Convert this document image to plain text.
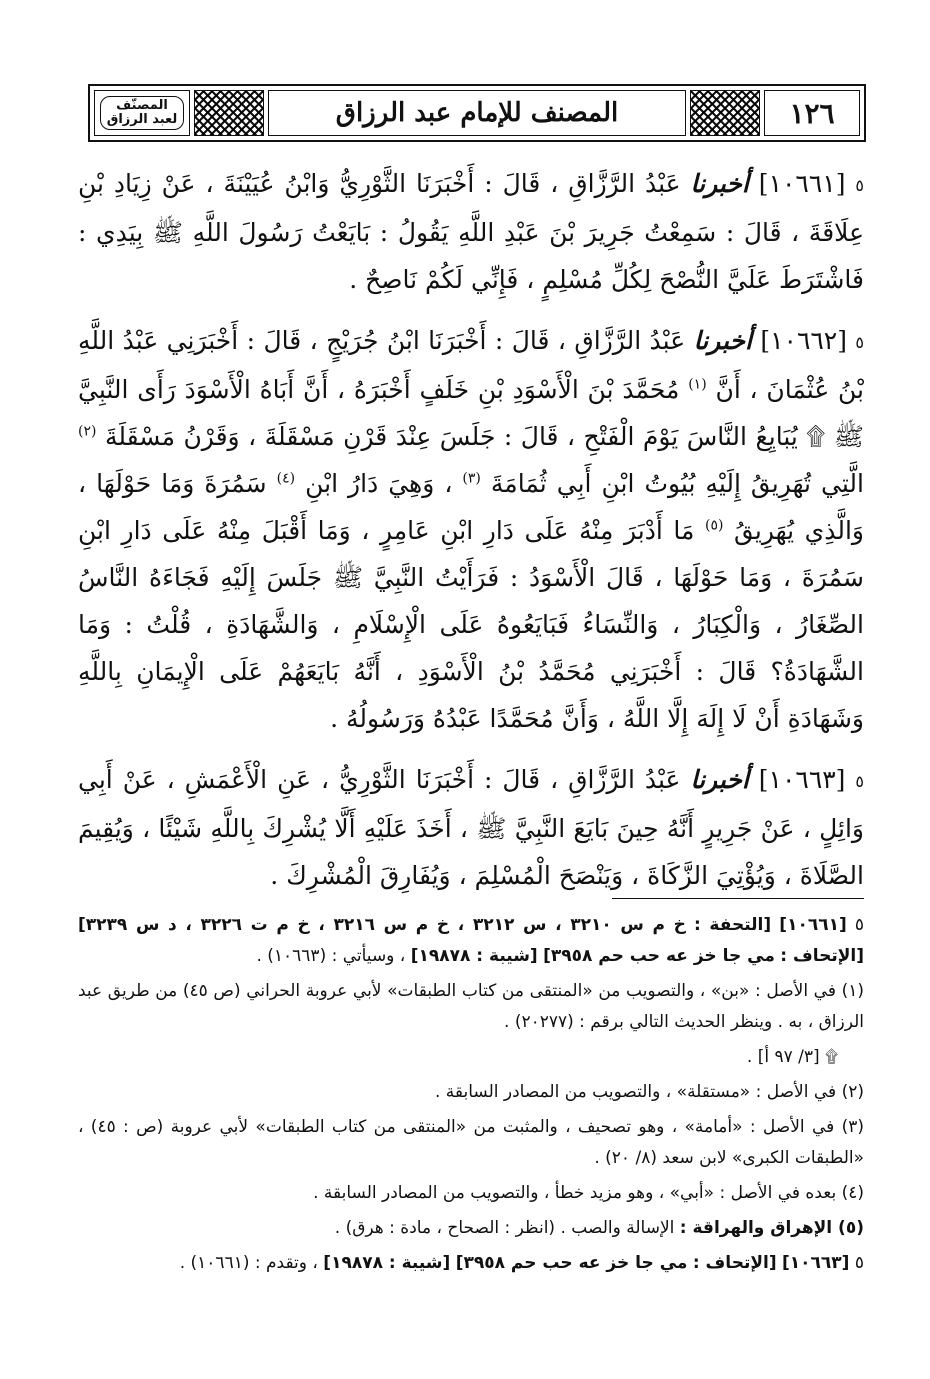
المصنّف
لعبد الرزاق	المصنف للإمام عبد الرزاق	١٢٦

٥ [١٠٦٦١] أخبرنا عَبْدُ الرَّزَّاقِ ، قَالَ : أَخْبَرَنَا الثَّوْرِيُّ وَابْنُ عُيَيْنَةَ ، عَنْ زِيَادِ بْنِ عِلَاقَةَ ، قَالَ : سَمِعْتُ جَرِيرَ بْنَ عَبْدِ اللَّهِ يَقُولُ : بَايَعْتُ رَسُولَ اللَّهِ ﷺ بِيَدِي : فَاشْتَرَطَ عَلَيَّ النُّصْحَ لِكُلِّ مُسْلِمٍ ، فَإِنِّي لَكُمْ نَاصِحٌ .

٥ [١٠٦٦٢] أخبرنا عَبْدُ الرَّزَّاقِ ، قَالَ : أَخْبَرَنَا ابْنُ جُرَيْجٍ ، قَالَ : أَخْبَرَنِي عَبْدُ اللَّهِ بْنُ عُثْمَانَ ، أَنَّ $^{(١)}$ مُحَمَّدَ بْنَ الْأَسْوَدِ بْنِ خَلَفٍ أَخْبَرَهُ ، أَنَّ أَبَاهُ الْأَسْوَدَ رَأَى النَّبِيَّ ﷺ ۩ يُبَايِعُ النَّاسَ يَوْمَ الْفَتْحِ ، قَالَ : جَلَسَ عِنْدَ قَرْنِ مَسْقَلَةَ ، وَقَرْنُ مَسْقَلَةَ $^{(٢)}$ الَّتِي تُهَرِيقُ إِلَيْهِ بُيُوتُ ابْنِ أَبِي ثُمَامَةَ $^{(٣)}$ ، وَهِيَ دَارُ ابْنِ $^{(٤)}$ سَمُرَةَ وَمَا حَوْلَهَا ، وَالَّذِي يُهَرِيقُ $^{(٥)}$ مَا أَدْبَرَ مِنْهُ عَلَى دَارِ ابْنِ عَامِرٍ ، وَمَا أَقْبَلَ مِنْهُ عَلَى دَارِ ابْنِ سَمُرَةَ ، وَمَا حَوْلَهَا ، قَالَ الْأَسْوَدُ : فَرَأَيْتُ النَّبِيَّ ﷺ جَلَسَ إِلَيْهِ فَجَاءَهُ النَّاسُ الصِّغَارُ ، وَالْكِبَارُ ، وَالنِّسَاءُ فَبَايَعُوهُ عَلَى الْإِسْلَامِ ، وَالشَّهَادَةِ ، قُلْتُ : وَمَا الشَّهَادَةُ؟ قَالَ : أَخْبَرَنِي مُحَمَّدُ بْنُ الْأَسْوَدِ ، أَنَّهُ بَايَعَهُمْ عَلَى الْإِيمَانِ بِاللَّهِ وَشَهَادَةِ أَنْ لَا إِلَهَ إِلَّا اللَّهُ ، وَأَنَّ مُحَمَّدًا عَبْدُهُ وَرَسُولُهُ .

٥ [١٠٦٦٣] أخبرنا عَبْدُ الرَّزَّاقِ ، قَالَ : أَخْبَرَنَا الثَّوْرِيُّ ، عَنِ الْأَعْمَشِ ، عَنْ أَبِي وَائِلٍ ، عَنْ جَرِيرٍ أَنَّهُ حِينَ بَايَعَ النَّبِيَّ ﷺ ، أَخَذَ عَلَيْهِ أَلَّا يُشْرِكَ بِاللَّهِ شَيْئًا ، وَيُقِيمَ الصَّلَاةَ ، وَيُؤْتِيَ الزَّكَاةَ ، وَيَنْصَحَ الْمُسْلِمَ ، وَيُفَارِقَ الْمُشْرِكَ .

٥ [١٠٦٦١] [التحفة : خ م س ٣٢١٠ ، س ٣٢١٢ ، خ م س ٣٢١٦ ، خ م ت ٣٢٢٦ ، د س ٣٢٣٩] [الإتحاف : مي جا خز عه حب حم ٣٩٥٨] [شيبة : ١٩٨٧٨] ، وسيأتي : (١٠٦٦٣) .

(١) في الأصل : «بن» ، والتصويب من «المنتقى من كتاب الطبقات» لأبي عروبة الحراني (ص ٤٥) من طريق عبد الرزاق ، به . وينظر الحديث التالي برقم : (٢٠٢٧٧) .

۩ [٣/ ٩٧ أ] .

(٢) في الأصل : «مستقلة» ، والتصويب من المصادر السابقة .

(٣) في الأصل : «أمامة» ، وهو تصحيف ، والمثبت من «المنتقى من كتاب الطبقات» لأبي عروبة (ص : ٤٥) ، «الطبقات الكبرى» لابن سعد (٨/ ٢٠) .

(٤) بعده في الأصل : «أبي» ، وهو مزيد خطأ ، والتصويب من المصادر السابقة .

(٥) الإهراق والهراقة : الإسالة والصب . (انظر : الصحاح ، مادة : هرق) .

٥ [١٠٦٦٣] [الإتحاف : مي جا خز عه حب حم ٣٩٥٨] [شيبة : ١٩٨٧٨] ، وتقدم : (١٠٦٦١) .
